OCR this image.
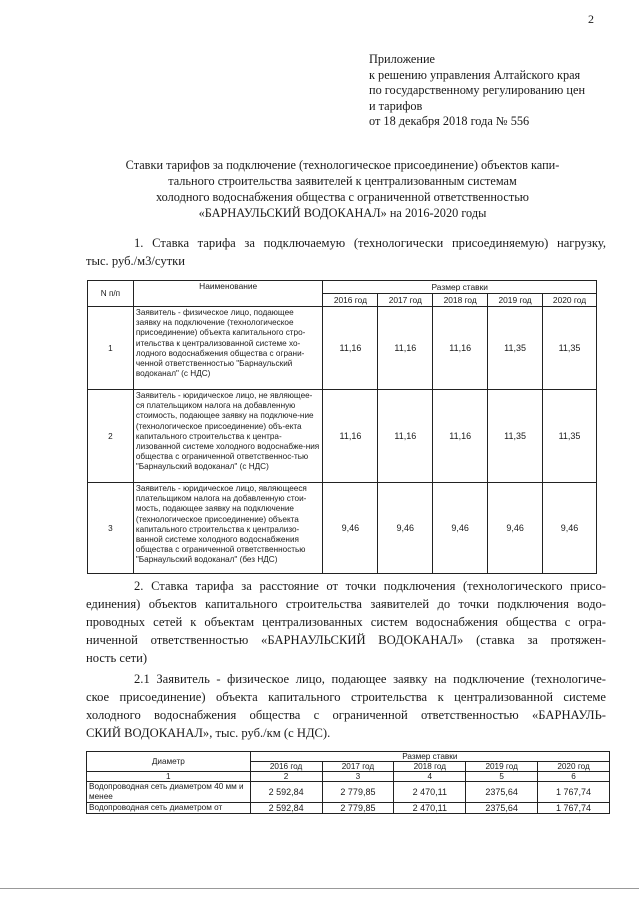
2
Приложение
к решению управления Алтайского края
по государственному регулированию цен
и тарифов
от 18 декабря 2018 года № 556
Ставки тарифов за подключение (технологическое присоединение) объектов капи-
тального строительства заявителей к централизованным системам
холодного водоснабжения общества с ограниченной ответственностью
«БАРНАУЛЬСКИЙ ВОДОКАНАЛ» на 2016-2020 годы
1. Ставка тарифа за подключаемую (технологически присоединяемую) нагрузку,
тыс. руб./м3/сутки
N п/п	Наименование	Размер ставки				
		2016 год	2017 год	2018 год	2019 год	2020 год
1	Заявитель - физическое лицо, подающее заявку на подключение (технологическое присоединение) объекта капитального стро-ительства к централизованной системе хо-лодного водоснабжения общества с ограни-ченной ответственностью "Барнаульский водоканал" (с НДС)	11,16	11,16	11,16	11,35	11,35
2	Заявитель - юридическое лицо, не являющее-ся плательщиком налога на добавленную стоимость, подающее заявку на подключе-ние (технологическое присоединение) объ-екта капитального строительства к центра-лизованной системе холодного водоснабже-ния общества с ограниченной ответственнос-тью "Барнаульский водоканал" (с НДС)	11,16	11,16	11,16	11,35	11,35
3	Заявитель - юридическое лицо, являющееся плательщиком налога на добавленную стои-мость, подающее заявку на подключение (технологическое присоединение) объекта капитального строительства к централизо-ванной системе холодного водоснабжения общества с ограниченной ответственностью "Барнаульский водоканал" (без НДС)	9,46	9,46	9,46	9,46	9,46
2. Ставка тарифа за расстояние от точки подключения (технологического присо-
единения) объектов капитального строительства заявителей до точки подключения водо-
проводных сетей к объектам централизованных систем водоснабжения общества с огра-
ниченной ответственностью «БАРНАУЛЬСКИЙ ВОДОКАНАЛ» (ставка за протяжен-
ность сети)
2.1 Заявитель - физическое лицо, подающее заявку на подключение (технологиче-
ское присоединение) объекта капитального строительства к централизованной системе
холодного водоснабжения общества с ограниченной ответственностью «БАРНАУЛЬ-
СКИЙ ВОДОКАНАЛ», тыс. руб./км (с НДС).
Диаметр	Размер ставки				
	2016 год	2017 год	2018 год	2019 год	2020 год
1	2	3	4	5	6
Водопроводная сеть диаметром 40 мм и менее	2 592,84	2 779,85	2 470,11	2375,64	1 767,74
Водопроводная сеть диаметром от	2 592,84	2 779,85	2 470,11	2375,64	1 767,74
